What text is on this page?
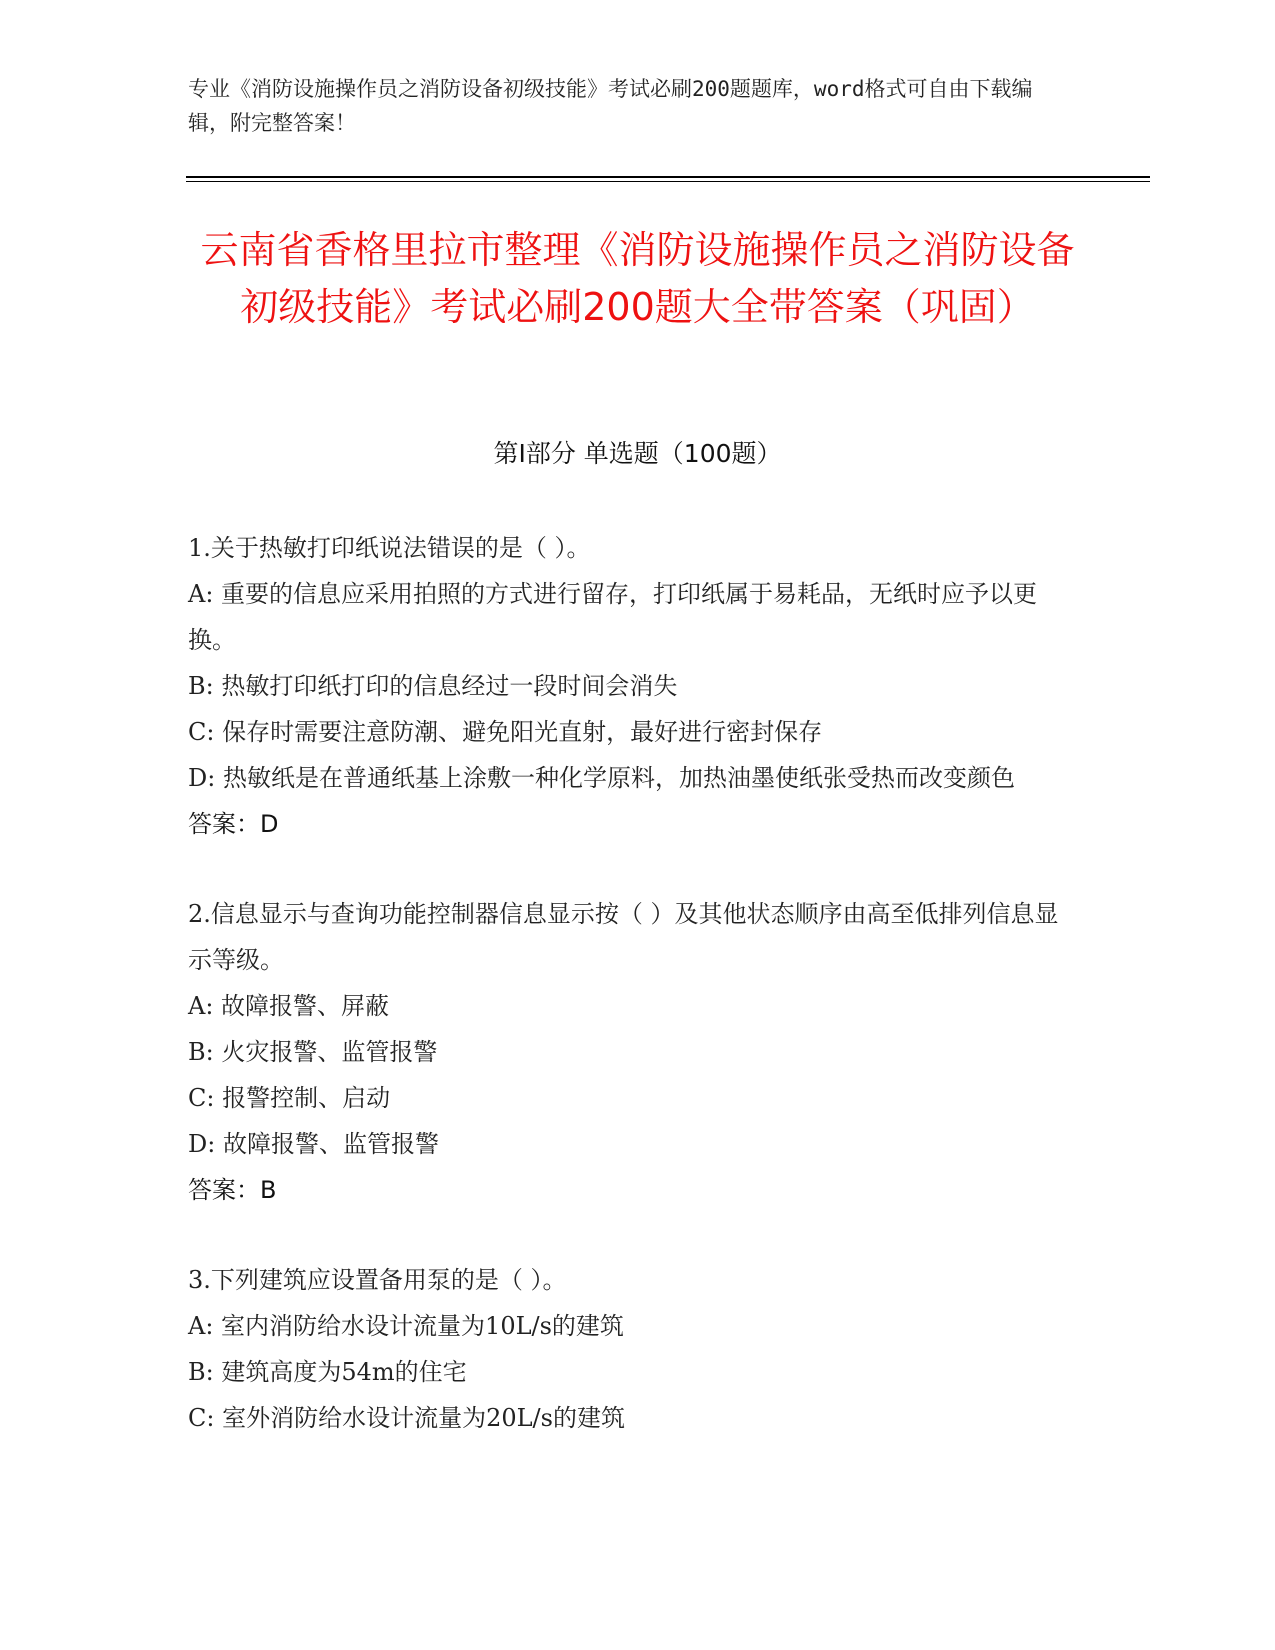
专业《消防设施操作员之消防设备初级技能》考试必刷200题题库，word格式可自由下载编辑，附完整答案！

云南省香格里拉市整理《消防设施操作员之消防设备初级技能》考试必刷200题大全带答案（巩固）
第I部分 单选题（100题）

1.关于热敏打印纸说法错误的是（ ）。

A: 重要的信息应采用拍照的方式进行留存，打印纸属于易耗品，无纸时应予以更换。

B: 热敏打印纸打印的信息经过一段时间会消失

C: 保存时需要注意防潮、避免阳光直射，最好进行密封保存

D: 热敏纸是在普通纸基上涂敷一种化学原料，加热油墨使纸张受热而改变颜色

答案：D

2.信息显示与查询功能控制器信息显示按（ ）及其他状态顺序由高至低排列信息显示等级。

A: 故障报警、屏蔽

B: 火灾报警、监管报警

C: 报警控制、启动

D: 故障报警、监管报警

答案：B

3.下列建筑应设置备用泵的是（ ）。

A: 室内消防给水设计流量为10L/s的建筑

B: 建筑高度为54m的住宅

C: 室外消防给水设计流量为20L/s的建筑
